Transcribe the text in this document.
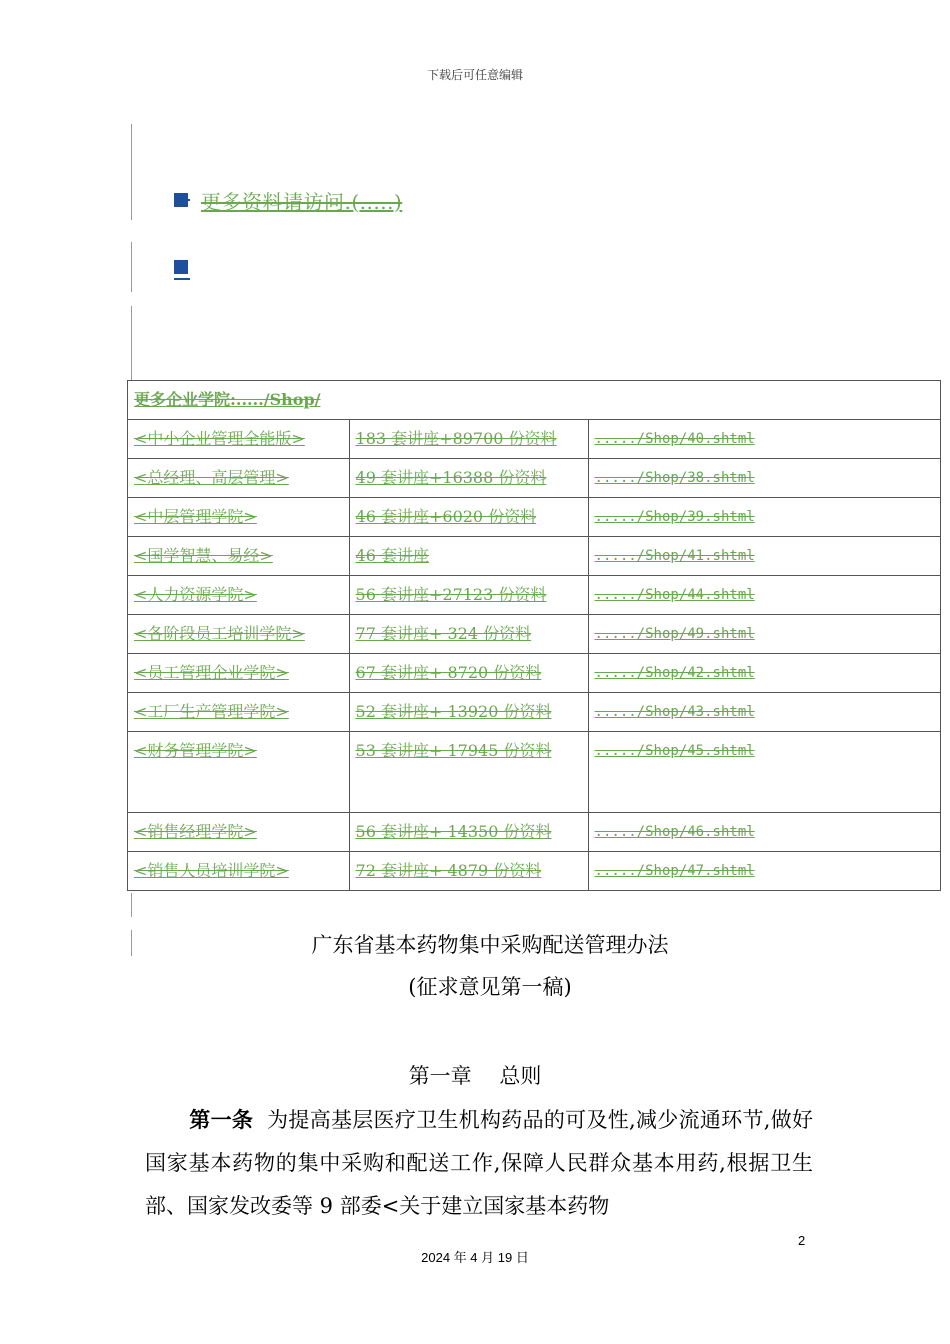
下载后可任意编辑
更多资料请访问.(.....)
更多企业学院:...../Shop/		
<中小企业管理全能版>	183 套讲座+89700 份资料	...../Shop/40.shtml
<总经理、高层管理>	49 套讲座+16388 份资料	...../Shop/38.shtml
<中层管理学院>	46 套讲座+6020 份资料	...../Shop/39.shtml
<国学智慧、易经>	46 套讲座	...../Shop/41.shtml
<人力资源学院>	56 套讲座+27123 份资料	...../Shop/44.shtml
<各阶段员工培训学院>	77 套讲座+ 324 份资料	...../Shop/49.shtml
<员工管理企业学院>	67 套讲座+ 8720 份资料	...../Shop/42.shtml
<工厂生产管理学院>	52 套讲座+ 13920 份资料	...../Shop/43.shtml
<财务管理学院>	53 套讲座+ 17945 份资料	...../Shop/45.shtml
<销售经理学院>	56 套讲座+ 14350 份资料	...../Shop/46.shtml
<销售人员培训学院>	72 套讲座+ 4879 份资料	...../Shop/47.shtml
广东省基本药物集中采购配送管理办法
(征求意见第一稿)
第一章　 总则
第一条 为提高基层医疗卫生机构药品的可及性,减少流通环节,做好国家基本药物的集中采购和配送工作,保障人民群众基本用药,根据卫生部、国家发改委等 9 部委<关于建立国家基本药物
2
2024 年 4 月 19 日
